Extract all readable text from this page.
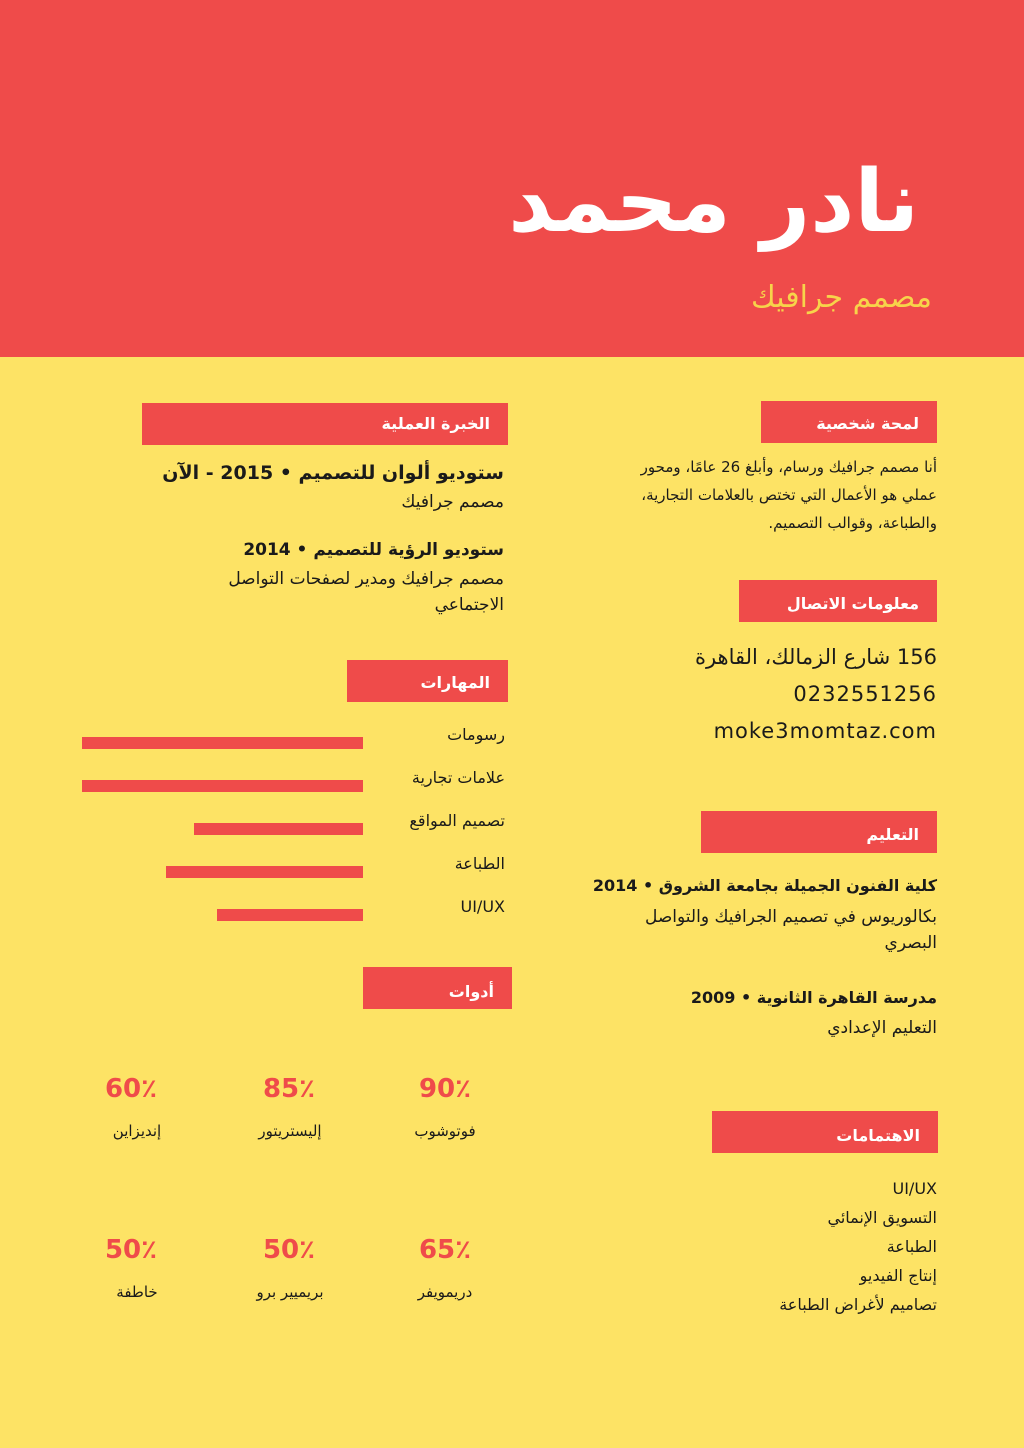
نادر محمد
مصمم جرافيك
الخبرة العملية
ستوديو ألوان للتصميم • 2015 - الآن
مصمم جرافيك
ستوديو الرؤية للتصميم • 2014
مصمم جرافيك ومدير لصفحات التواصل
الاجتماعي
المهارات
رسومات
علامات تجارية
تصميم المواقع
الطباعة
UI/UX
أدوات
60٪
إنديزاين
85٪
إليستريتور
90٪
فوتوشوب
50٪
خاطفة
50٪
بريميير برو
65٪
دريمويفر
لمحة شخصية
أنا مصمم جرافيك ورسام، وأبلغ 26 عامًا، ومحور
عملي هو الأعمال التي تختص بالعلامات التجارية،
والطباعة، وقوالب التصميم.
معلومات الاتصال
156 شارع الزمالك، القاهرة
0232551256
moke3momtaz.com
التعليم
كلية الفنون الجميلة بجامعة الشروق • 2014
بكالوريوس في تصميم الجرافيك والتواصل
البصري
مدرسة القاهرة الثانوية • 2009
التعليم الإعدادي
الاهتمامات
UI/UX
التسويق الإنمائي
الطباعة
إنتاج الفيديو
تصاميم لأغراض الطباعة
